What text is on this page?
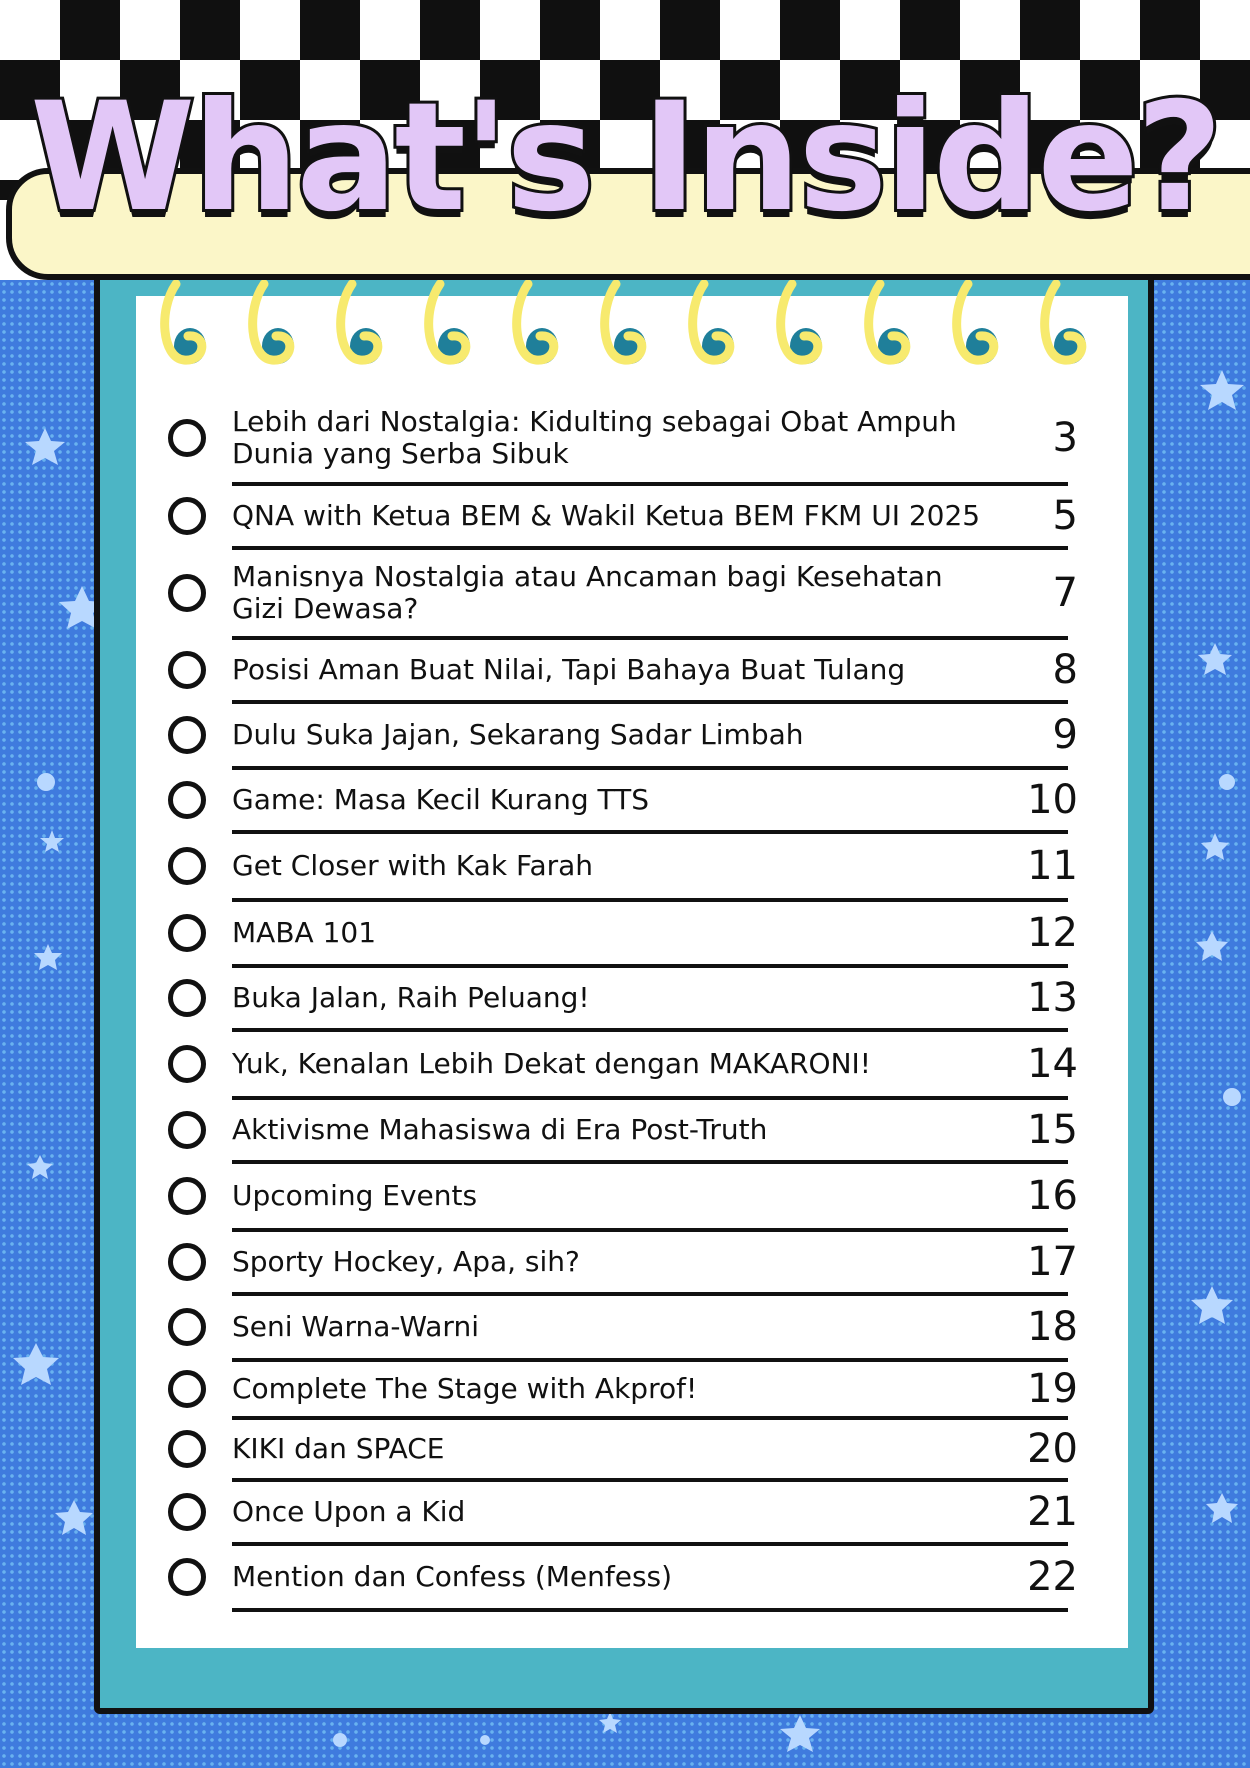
What's Inside?
Lebih dari Nostalgia: Kidulting sebagai Obat Ampuh Dunia yang Serba Sibuk	3
QNA with Ketua BEM & Wakil Ketua BEM FKM UI 2025 5
Manisnya Nostalgia atau Ancaman bagi Kesehatan Gizi Dewasa?	7
Posisi Aman Buat Nilai, Tapi Bahaya Buat Tulang	8
Dulu Suka Jajan, Sekarang Sadar Limbah	9
Game: Masa Kecil Kurang TTS	10
Get Closer with Kak Farah	11
MABA 101	12
Buka Jalan, Raih Peluang!	13
Yuk, Kenalan Lebih Dekat dengan MAKARONI!	14
Aktivisme Mahasiswa di Era Post-Truth	15
Upcoming Events	16
Sporty Hockey, Apa, sih?	17
Seni Warna-Warni	18
Complete The Stage with Akprof!	19
KIKI dan SPACE	20
Once Upon a Kid	21
Mention dan Confess (Menfess)	22
